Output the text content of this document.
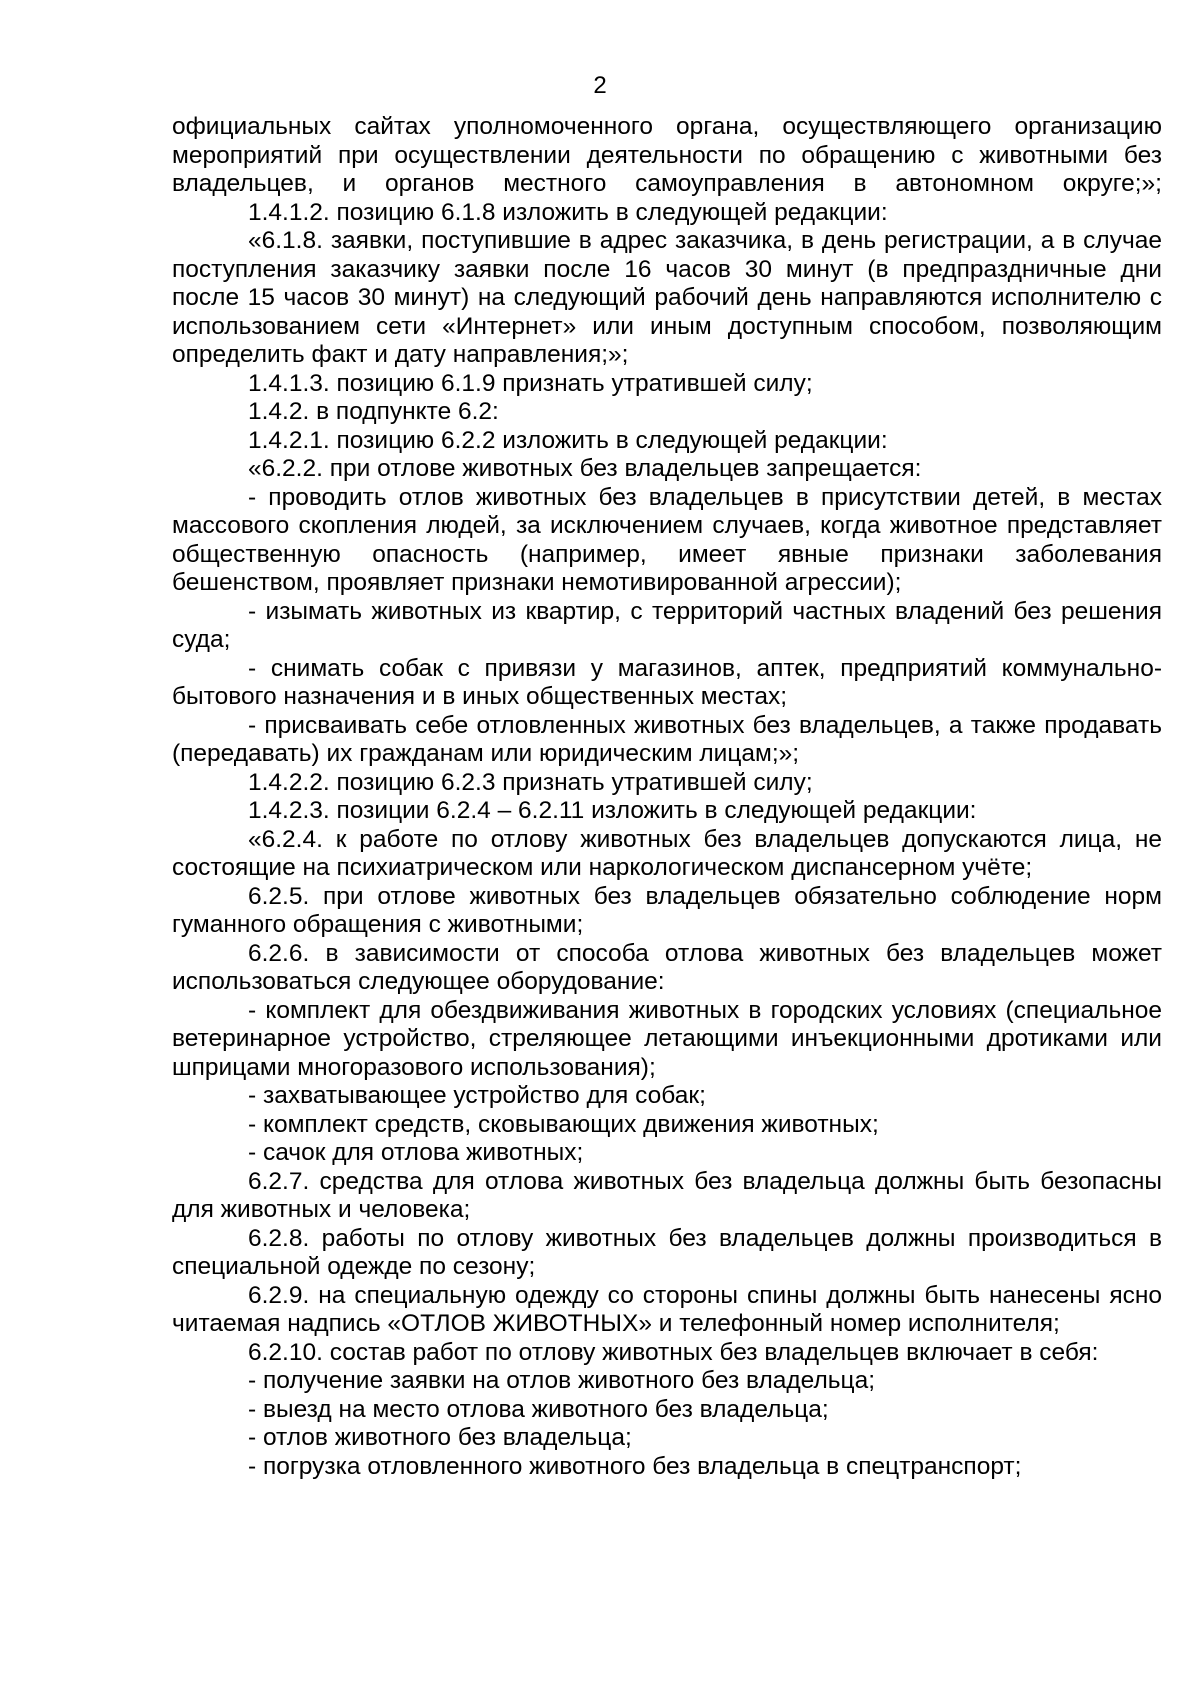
2

официальных сайтах уполномоченного органа, осуществляющего организацию мероприятий при осуществлении деятельности по обращению с животными без владельцев, и органов местного самоуправления в автономном округе;»;

1.4.1.2. позицию 6.1.8 изложить в следующей редакции:

«6.1.8. заявки, поступившие в адрес заказчика, в день регистрации, а в случае поступления заказчику заявки после 16 часов 30 минут (в предпраздничные дни после 15 часов 30 минут) на следующий рабочий день направляются исполнителю с использованием сети «Интернет» или иным доступным способом, позволяющим определить факт и дату направления;»;

1.4.1.3. позицию 6.1.9 признать утратившей силу;

1.4.2. в подпункте 6.2:

1.4.2.1. позицию 6.2.2 изложить в следующей редакции:

«6.2.2. при отлове животных без владельцев запрещается:

- проводить отлов животных без владельцев в присутствии детей, в местах массового скопления людей, за исключением случаев, когда животное представляет общественную опасность (например, имеет явные признаки заболевания бешенством, проявляет признаки немотивированной агрессии);

- изымать животных из квартир, с территорий частных владений без решения суда;

- снимать собак с привязи у магазинов, аптек, предприятий коммунально-бытового назначения и в иных общественных местах;

- присваивать себе отловленных животных без владельцев, а также продавать (передавать) их гражданам или юридическим лицам;»;

1.4.2.2. позицию 6.2.3 признать утратившей силу;

1.4.2.3. позиции 6.2.4 – 6.2.11 изложить в следующей редакции:

«6.2.4. к работе по отлову животных без владельцев допускаются лица, не состоящие на психиатрическом или наркологическом диспансерном учёте;

6.2.5. при отлове животных без владельцев обязательно соблюдение норм гуманного обращения с животными;

6.2.6. в зависимости от способа отлова животных без владельцев может использоваться следующее оборудование:

- комплект для обездвиживания животных в городских условиях (специальное ветеринарное устройство, стреляющее летающими инъекционными дротиками или шприцами многоразового использования);

- захватывающее устройство для собак;

- комплект средств, сковывающих движения животных;

- сачок для отлова животных;

6.2.7. средства для отлова животных без владельца должны быть безопасны для животных и человека;

6.2.8. работы по отлову животных без владельцев должны производиться в специальной одежде по сезону;

6.2.9. на специальную одежду со стороны спины должны быть нанесены ясно читаемая надпись «ОТЛОВ ЖИВОТНЫХ» и телефонный номер исполнителя;

6.2.10. состав работ по отлову животных без владельцев включает в себя:

- получение заявки на отлов животного без владельца;

- выезд на место отлова животного без владельца;

- отлов животного без владельца;

- погрузка отловленного животного без владельца в спецтранспорт;
